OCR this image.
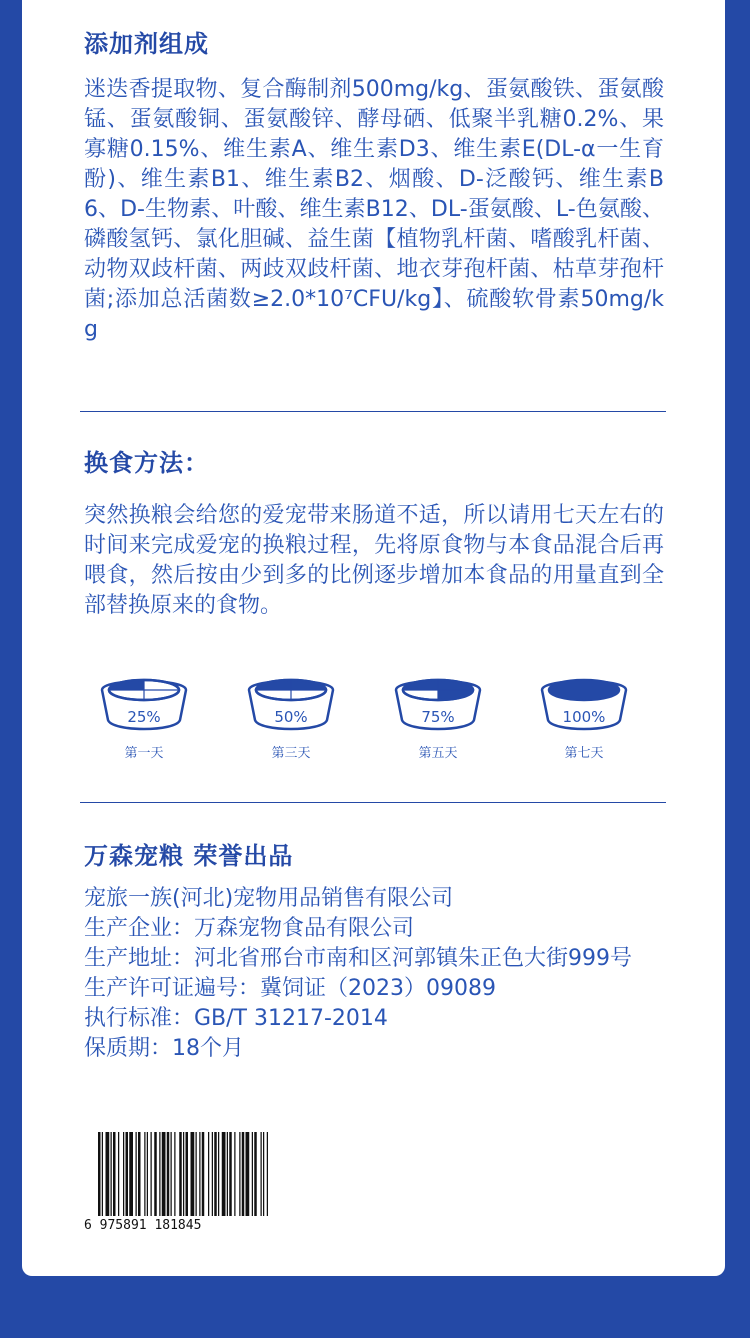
添加剂组成

迷迭香提取物、复合酶制剂500mg/kg、蛋氨酸铁、蛋氨酸锰、蛋氨酸铜、蛋氨酸锌、酵母硒、低聚半乳糖0.2%、果寡糖0.15%、维生素A、维生素D3、维生素E(DL-α一生育酚)、维生素B1、维生素B2、烟酸、D-泛酸钙、维生素B6、D-生物素、叶酸、维生素B12、DL-蛋氨酸、L-色氨酸、磷酸氢钙、氯化胆碱、益生菌【植物乳杆菌、嗜酸乳杆菌、动物双歧杆菌、两歧双歧杆菌、地衣芽孢杆菌、枯草芽孢杆菌;添加总活菌数≥2.0*10⁷CFU/kg】、硫酸软骨素50mg/kg

换食方法：

突然换粮会给您的爱宠带来肠道不适，所以请用七天左右的时间来完成爱宠的换粮过程，先将原食物与本食品混合后再喂食，然后按由少到多的比例逐步增加本食品的用量直到全部替换原来的食物。

25%
第一天
50%
第三天
75%
第五天
100%
第七天
万森宠粮 荣誉出品
宠旅一族(河北)宠物用品销售有限公司
生产企业：万森宠物食品有限公司
生产地址：河北省邢台市南和区河郭镇朱正色大街999号
生产许可证遍号：冀饲证（2023）09089
执行标准：GB/T 31217-2014
保质期：18个月
6 975891 181845
